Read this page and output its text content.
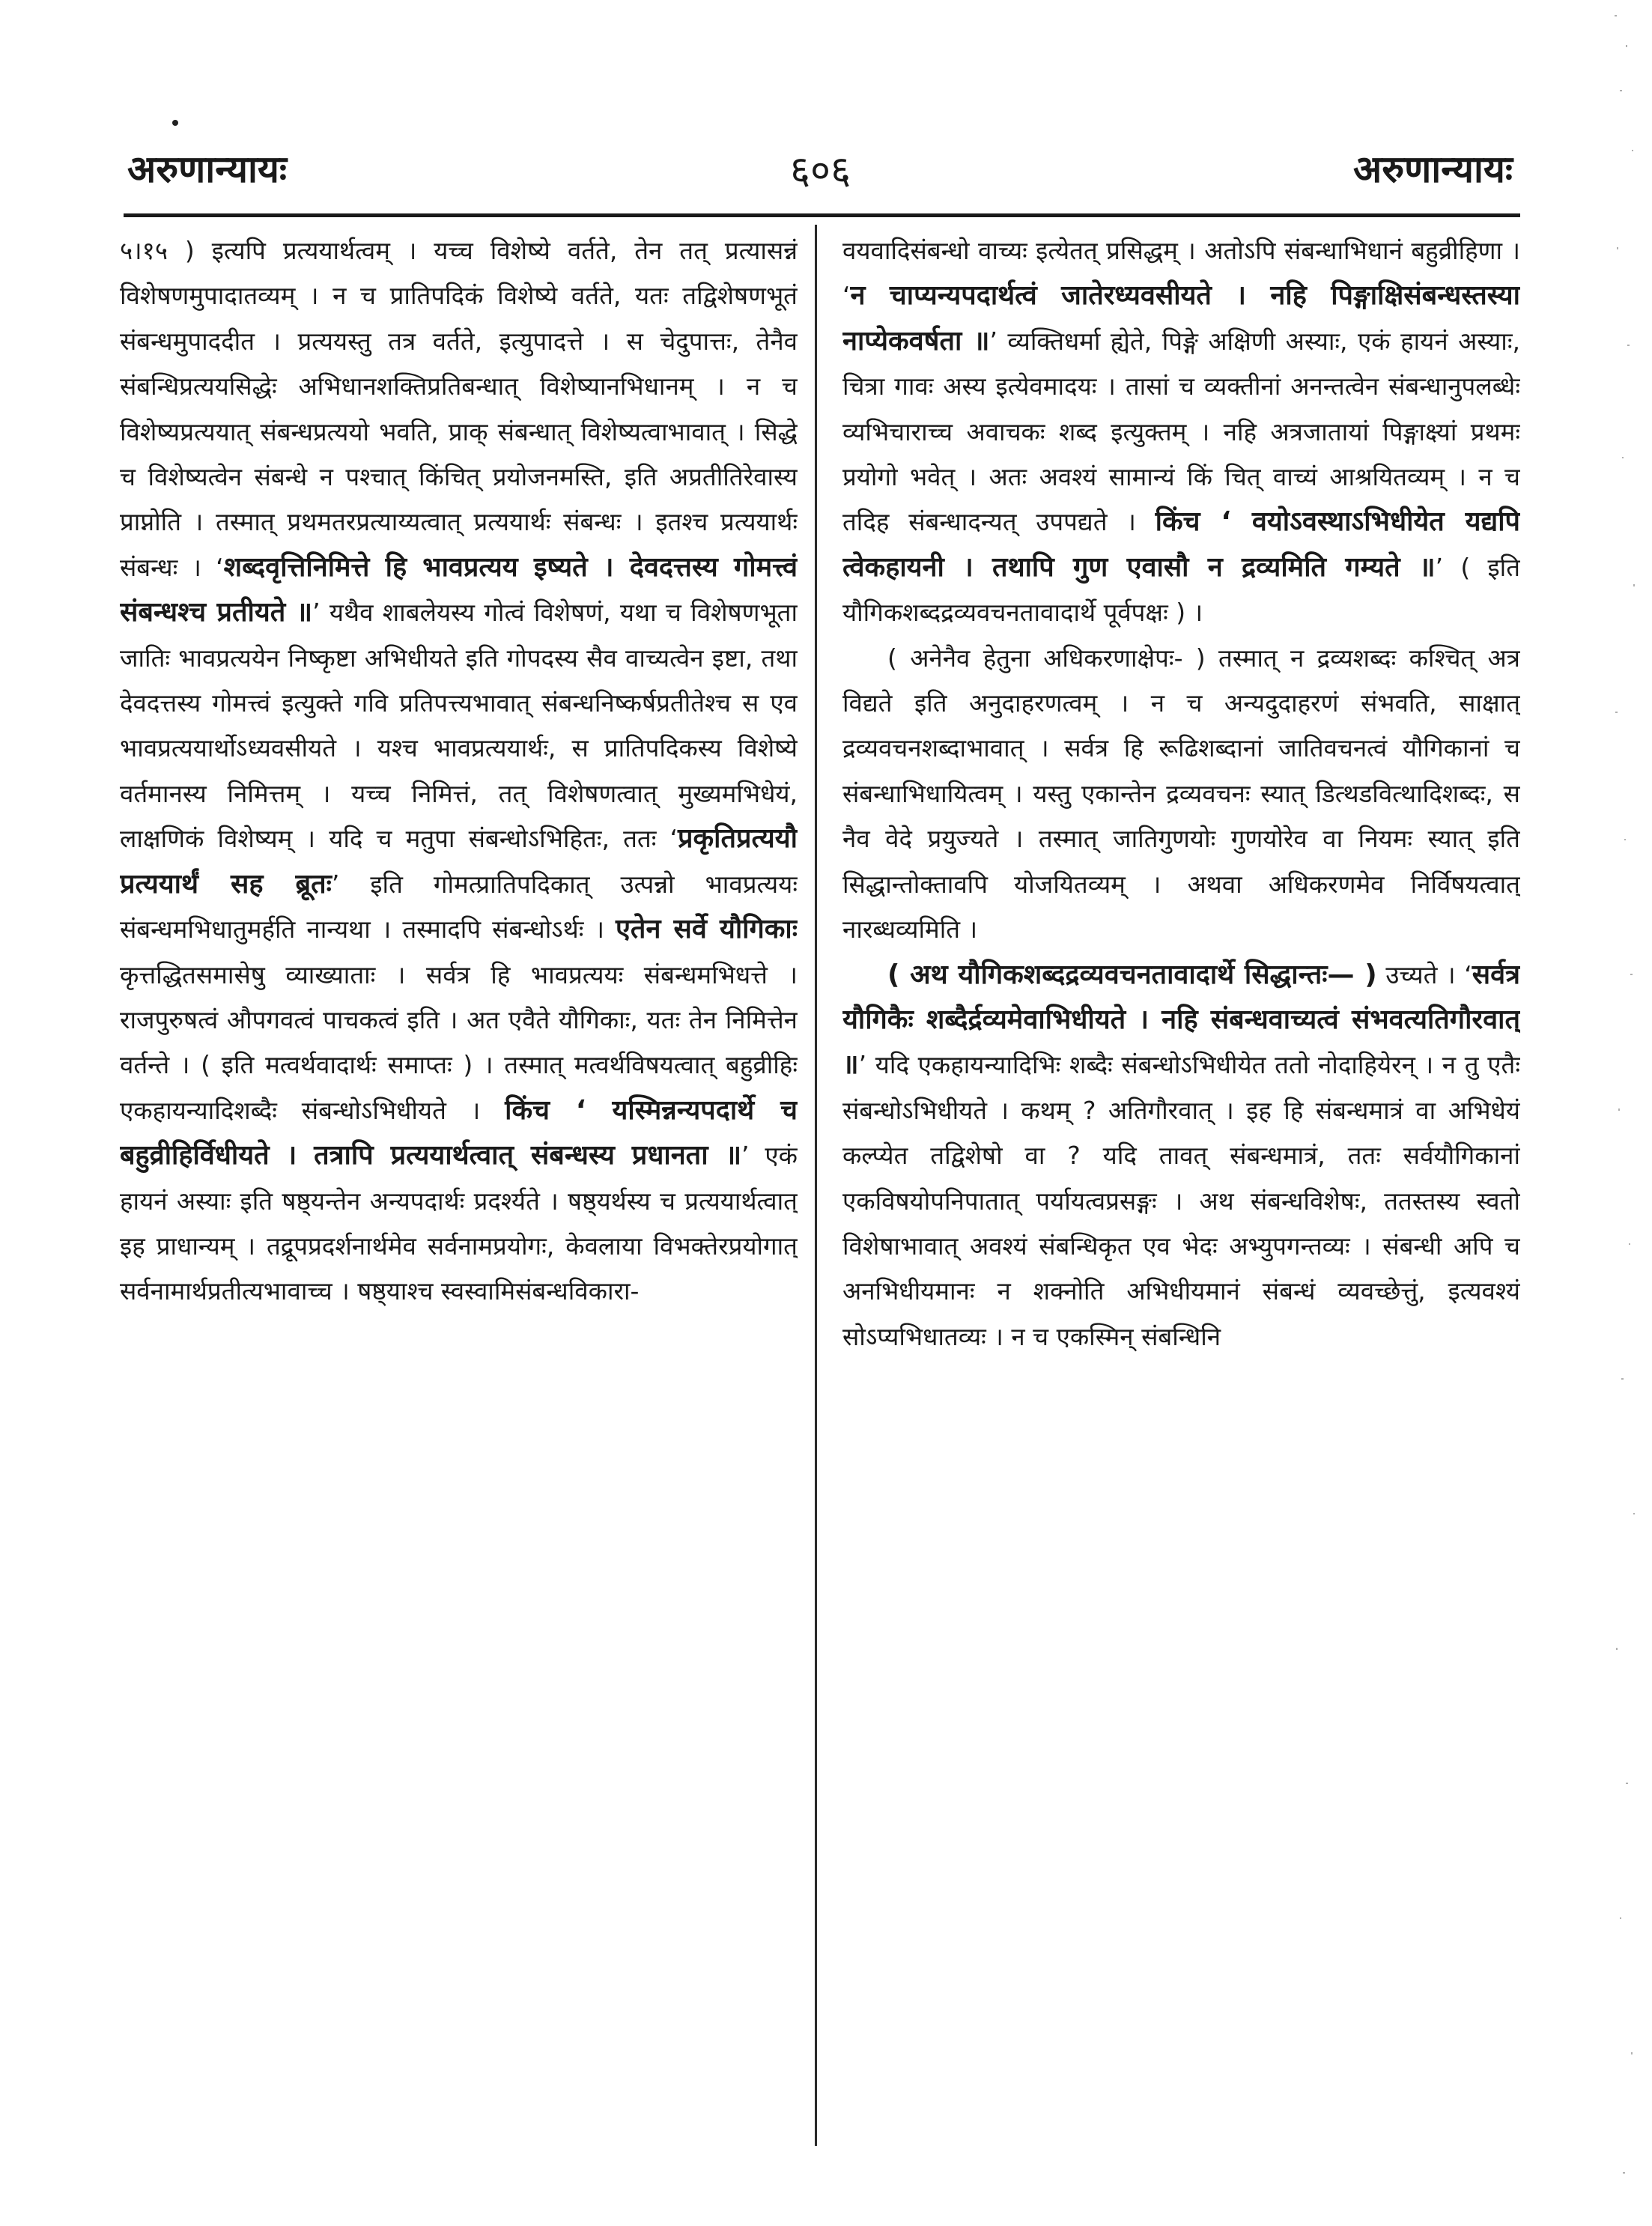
अरुणान्यायः	६०६	अरुणान्यायः

५।१५ ) इत्यपि प्रत्ययार्थत्वम् । यच्च विशेष्ये वर्तते, तेन तत् प्रत्यासन्नं विशेषणमुपादातव्यम् । न च प्रातिपदिकं विशेष्ये वर्तते, यतः तद्विशेषणभूतं संबन्धमुपाददीत । प्रत्ययस्तु तत्र वर्तते, इत्युपादत्ते । स चेदुपात्तः, तेनैव संबन्धिप्रत्ययसिद्धेः अभिधानशक्तिप्रतिबन्धात् विशेष्यानभिधानम् । न च विशेष्यप्रत्ययात् संबन्धप्रत्ययो भवति, प्राक् संबन्धात् विशेष्यत्वाभावात् । सिद्धे च विशेष्यत्वेन संबन्धे न पश्चात् किंचित् प्रयोजनमस्ति, इति अप्रतीतिरेवास्य प्राप्नोति । तस्मात् प्रथमतरप्रत्याय्यत्वात् प्रत्ययार्थः संबन्धः । इतश्च प्रत्ययार्थः संबन्धः । ‘शब्दवृत्तिनिमित्ते हि भावप्रत्यय इष्यते । देवदत्तस्य गोमत्त्वं संबन्धश्च प्रतीयते ॥’ यथैव शाबलेयस्य गोत्वं विशेषणं, यथा च विशेषणभूता जातिः भावप्रत्ययेन निष्कृष्टा अभिधीयते इति गोपदस्य सैव वाच्यत्वेन इष्टा, तथा देवदत्तस्य गोमत्त्वं इत्युक्ते गवि प्रतिपत्त्यभावात् संबन्धनिष्कर्षप्रतीतेश्च स एव भावप्रत्ययार्थोऽध्यवसीयते । यश्च भावप्रत्ययार्थः, स प्रातिपदिकस्य विशेष्ये वर्तमानस्य निमित्तम् । यच्च निमित्तं, तत् विशेषणत्वात् मुख्यमभिधेयं, लाक्षणिकं विशेष्यम् । यदि च मतुपा संबन्धोऽभिहितः, ततः ‘प्रकृतिप्रत्ययौ प्रत्ययार्थं सह ब्रूतः’ इति गोमत्प्रातिपदिकात् उत्पन्नो भावप्रत्ययः संबन्धमभिधातुमर्हति नान्यथा । तस्मादपि संबन्धोऽर्थः । एतेन सर्वे यौगिकाः कृत्तद्धितसमासेषु व्याख्याताः । सर्वत्र हि भावप्रत्ययः संबन्धमभिधत्ते । राजपुरुषत्वं औपगवत्वं पाचकत्वं इति । अत एवैते यौगिकाः, यतः तेन निमित्तेन वर्तन्ते । ( इति मत्वर्थवादार्थः समाप्तः ) । तस्मात् मत्वर्थविषयत्वात् बहुव्रीहिः एकहायन्यादिशब्दैः संबन्धोऽभिधीयते । किंच ‘ यस्मिन्नन्यपदार्थे च बहुव्रीहिर्विधीयते । तत्रापि प्रत्ययार्थत्वात् संबन्धस्य प्रधानता ॥’ एकं हायनं अस्याः इति षष्ठ्यन्तेन अन्यपदार्थः प्रदर्श्यते । षष्ठ्यर्थस्य च प्रत्ययार्थत्वात् इह प्राधान्यम् । तद्रूपप्रदर्शनार्थमेव सर्वनामप्रयोगः, केवलाया विभक्तेरप्रयोगात् सर्वनामार्थप्रतीत्यभावाच्च । षष्ठ्याश्च स्वस्वामिसंबन्धविकारा-

वयवादिसंबन्धो वाच्यः इत्येतत् प्रसिद्धम् । अतोऽपि संबन्धाभिधानं बहुव्रीहिणा । ‘न चाप्यन्यपदार्थत्वं जातेरध्यवसीयते । नहि पिङ्गाक्षिसंबन्धस्तस्या नाप्येकवर्षता ॥’ व्यक्तिधर्मा ह्येते, पिङ्गे अक्षिणी अस्याः, एकं हायनं अस्याः, चित्रा गावः अस्य इत्येवमादयः । तासां च व्यक्तीनां अनन्तत्वेन संबन्धानुपलब्धेः व्यभिचाराच्च अवाचकः शब्द इत्युक्तम् । नहि अत्रजातायां पिङ्गाक्ष्यां प्रथमः प्रयोगो भवेत् । अतः अवश्यं सामान्यं किं चित् वाच्यं आश्रयितव्यम् । न च तदिह संबन्धादन्यत् उपपद्यते । किंच ‘ वयोऽवस्थाऽभिधीयेत यद्यपि त्वेकहायनी । तथापि गुण एवासौ न द्रव्यमिति गम्यते ॥’ ( इति यौगिकशब्दद्रव्यवचनतावादार्थे पूर्वपक्षः ) ।

( अनेनैव हेतुना अधिकरणाक्षेपः- ) तस्मात् न द्रव्यशब्दः कश्चित् अत्र विद्यते इति अनुदाहरणत्वम् । न च अन्यदुदाहरणं संभवति, साक्षात् द्रव्यवचनशब्दाभावात् । सर्वत्र हि रूढिशब्दानां जातिवचनत्वं यौगिकानां च संबन्धाभिधायित्वम् । यस्तु एकान्तेन द्रव्यवचनः स्यात् डित्थडवित्थादिशब्दः, स नैव वेदे प्रयुज्यते । तस्मात् जातिगुणयोः गुणयोरेव वा नियमः स्यात् इति सिद्धान्तोक्तावपि योजयितव्यम् । अथवा अधिकरणमेव निर्विषयत्वात् नारब्धव्यमिति ।

( अथ यौगिकशब्दद्रव्यवचनतावादार्थे सिद्धान्तः— ) उच्यते । ‘सर्वत्र यौगिकैः शब्दैर्द्रव्यमेवाभिधीयते । नहि संबन्धवाच्यत्वं संभवत्यतिगौरवात् ॥’ यदि एकहायन्यादिभिः शब्दैः संबन्धोऽभिधीयेत ततो नोदाहियेरन् । न तु एतैः संबन्धोऽभिधीयते । कथम् ? अतिगौरवात् । इह हि संबन्धमात्रं वा अभिधेयं कल्प्येत तद्विशेषो वा ? यदि तावत् संबन्धमात्रं, ततः सर्वयौगिकानां एकविषयोपनिपातात् पर्यायत्वप्रसङ्गः । अथ संबन्धविशेषः, ततस्तस्य स्वतो विशेषाभावात् अवश्यं संबन्धिकृत एव भेदः अभ्युपगन्तव्यः । संबन्धी अपि च अनभिधीयमानः न शक्नोति अभिधीयमानं संबन्धं व्यवच्छेत्तुं, इत्यवश्यं सोऽप्यभिधातव्यः । न च एकस्मिन् संबन्धिनि
